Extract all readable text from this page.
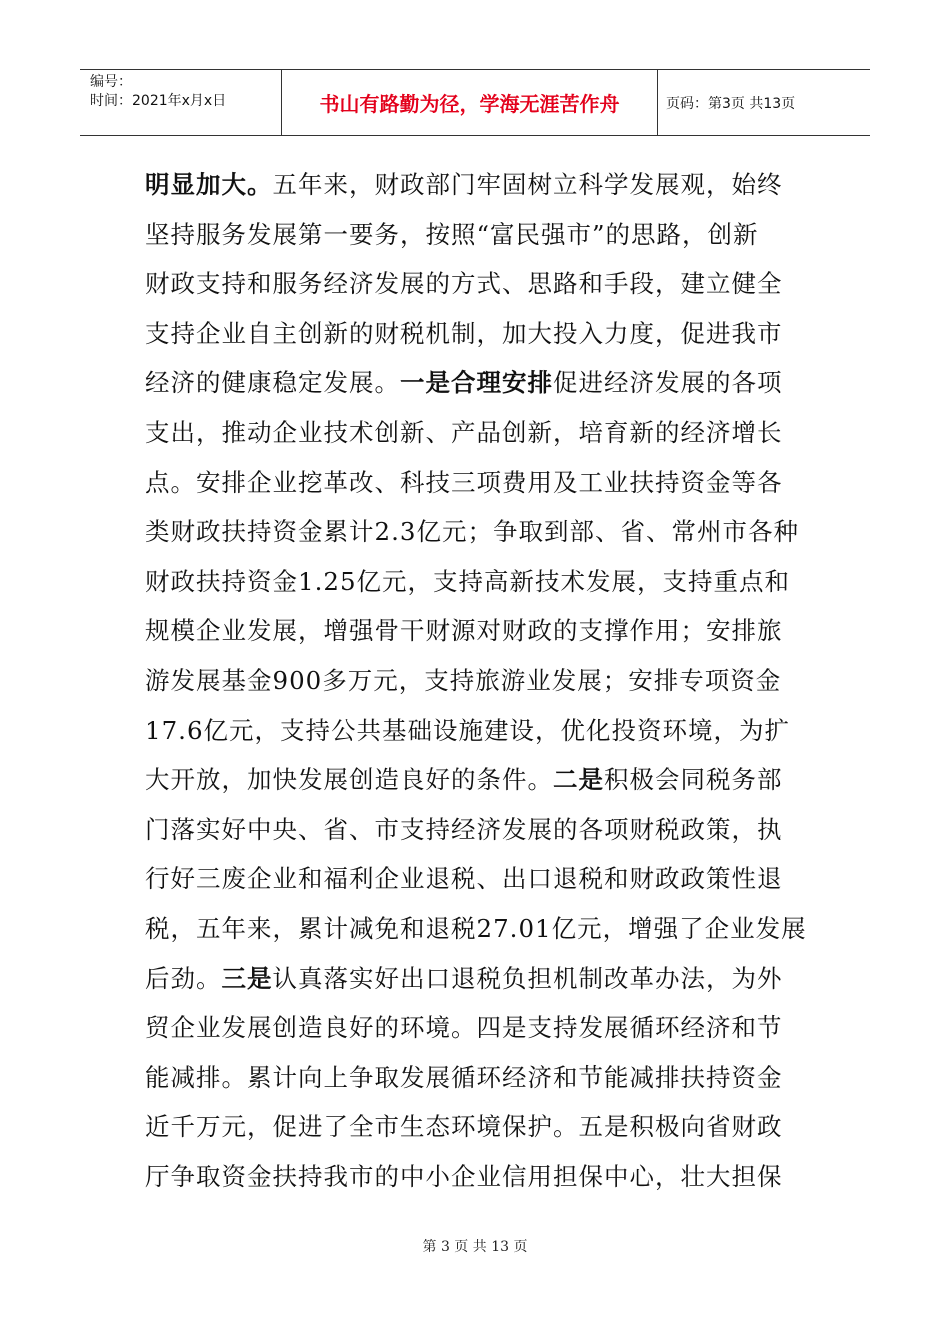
编号：
时间：2021年x月x日	书山有路勤为径，学海无涯苦作舟	页码：第3页 共13页
明显加大。五年来，财政部门牢固树立科学发展观，始终
坚持服务发展第一要务，按照“富民强市”的思路，创新
财政支持和服务经济发展的方式、思路和手段，建立健全
支持企业自主创新的财税机制，加大投入力度，促进我市
经济的健康稳定发展。一是合理安排促进经济发展的各项
支出，推动企业技术创新、产品创新，培育新的经济增长
点。安排企业挖革改、科技三项费用及工业扶持资金等各
类财政扶持资金累计2.3亿元；争取到部、省、常州市各种
财政扶持资金1.25亿元，支持高新技术发展，支持重点和
规模企业发展，增强骨干财源对财政的支撑作用；安排旅
游发展基金900多万元，支持旅游业发展；安排专项资金
17.6亿元，支持公共基础设施建设，优化投资环境，为扩
大开放，加快发展创造良好的条件。二是积极会同税务部
门落实好中央、省、市支持经济发展的各项财税政策，执
行好三废企业和福利企业退税、出口退税和财政政策性退
税，五年来，累计减免和退税27.01亿元，增强了企业发展
后劲。三是认真落实好出口退税负担机制改革办法，为外
贸企业发展创造良好的环境。四是支持发展循环经济和节
能减排。累计向上争取发展循环经济和节能减排扶持资金
近千万元，促进了全市生态环境保护。五是积极向省财政
厅争取资金扶持我市的中小企业信用担保中心，壮大担保
第 3 页 共 13 页
